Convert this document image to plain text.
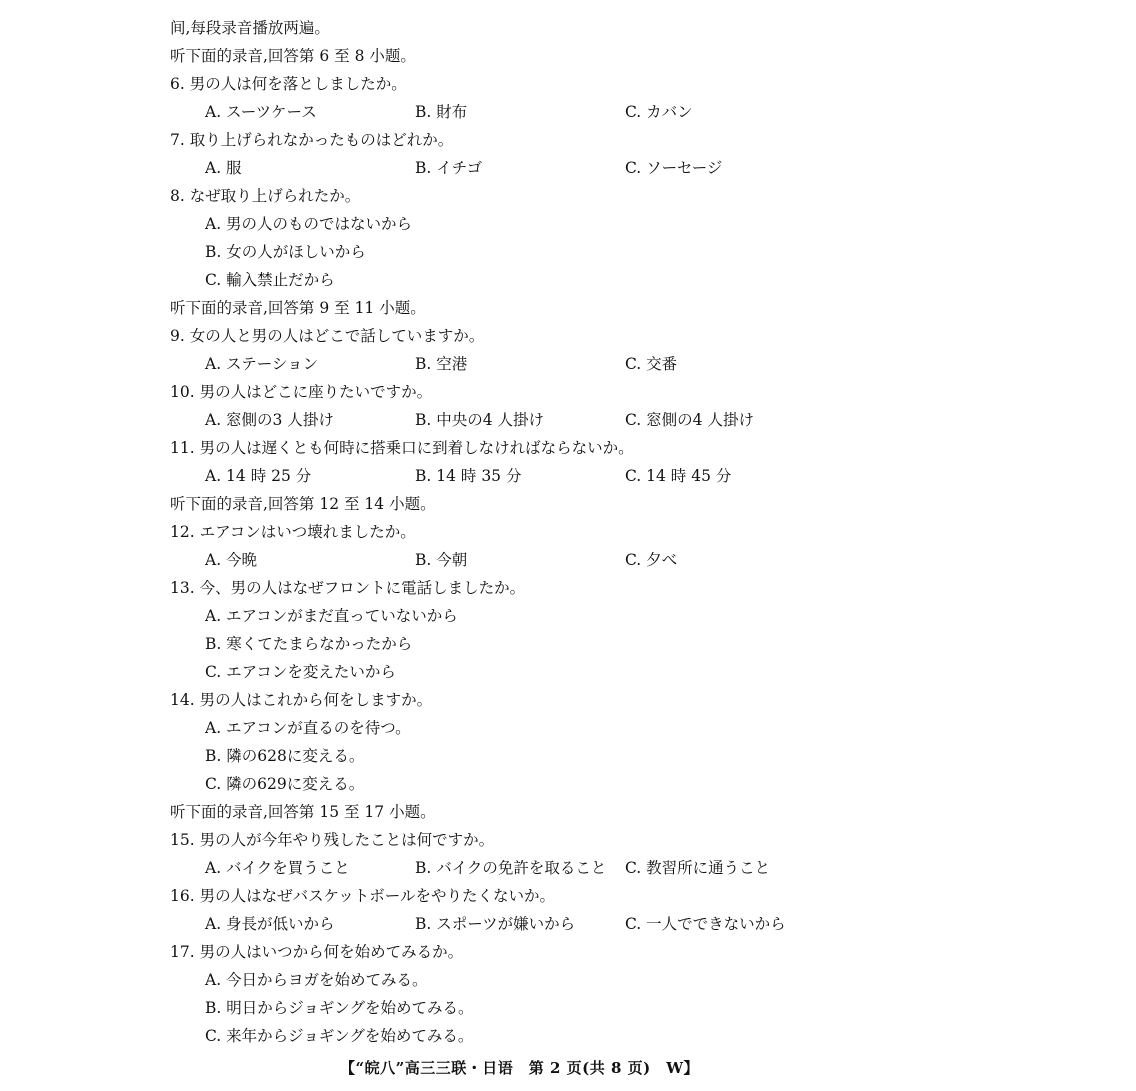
间,每段录音播放两遍。
听下面的录音,回答第 6 至 8 小题。
6. 男の人は何を落としましたか。
A. スーツケース	B. 財布	C. カバン
7. 取り上げられなかったものはどれか。
A. 服	B. イチゴ	C. ソーセージ
8. なぜ取り上げられたか。
A. 男の人のものではないから
B. 女の人がほしいから
C. 輸入禁止だから
听下面的录音,回答第 9 至 11 小题。
9. 女の人と男の人はどこで話していますか。
A. ステーション	B. 空港	C. 交番
10. 男の人はどこに座りたいですか。
A. 窓側の3 人掛け	B. 中央の4 人掛け	C. 窓側の4 人掛け
11. 男の人は遅くとも何時に搭乗口に到着しなければならないか。
A. 14 時 25 分	B. 14 時 35 分	C. 14 時 45 分
听下面的录音,回答第 12 至 14 小题。
12. エアコンはいつ壊れましたか。
A. 今晩	B. 今朝	C. 夕べ
13. 今、男の人はなぜフロントに電話しましたか。
A. エアコンがまだ直っていないから
B. 寒くてたまらなかったから
C. エアコンを変えたいから
14. 男の人はこれから何をしますか。
A. エアコンが直るのを待つ。
B. 隣の628に変える。
C. 隣の629に変える。
听下面的录音,回答第 15 至 17 小题。
15. 男の人が今年やり残したことは何ですか。
A. バイクを買うこと	B. バイクの免許を取ること C. 教習所に通うこと
16. 男の人はなぜバスケットボールをやりたくないか。
A. 身長が低いから	B. スポーツが嫌いから	C. 一人でできないから
17. 男の人はいつから何を始めてみるか。
A. 今日からヨガを始めてみる。
B. 明日からジョギングを始めてみる。
C. 来年からジョギングを始めてみる。
【“皖八”高三三联・日语　第 2 页(共 8 页)　W】
